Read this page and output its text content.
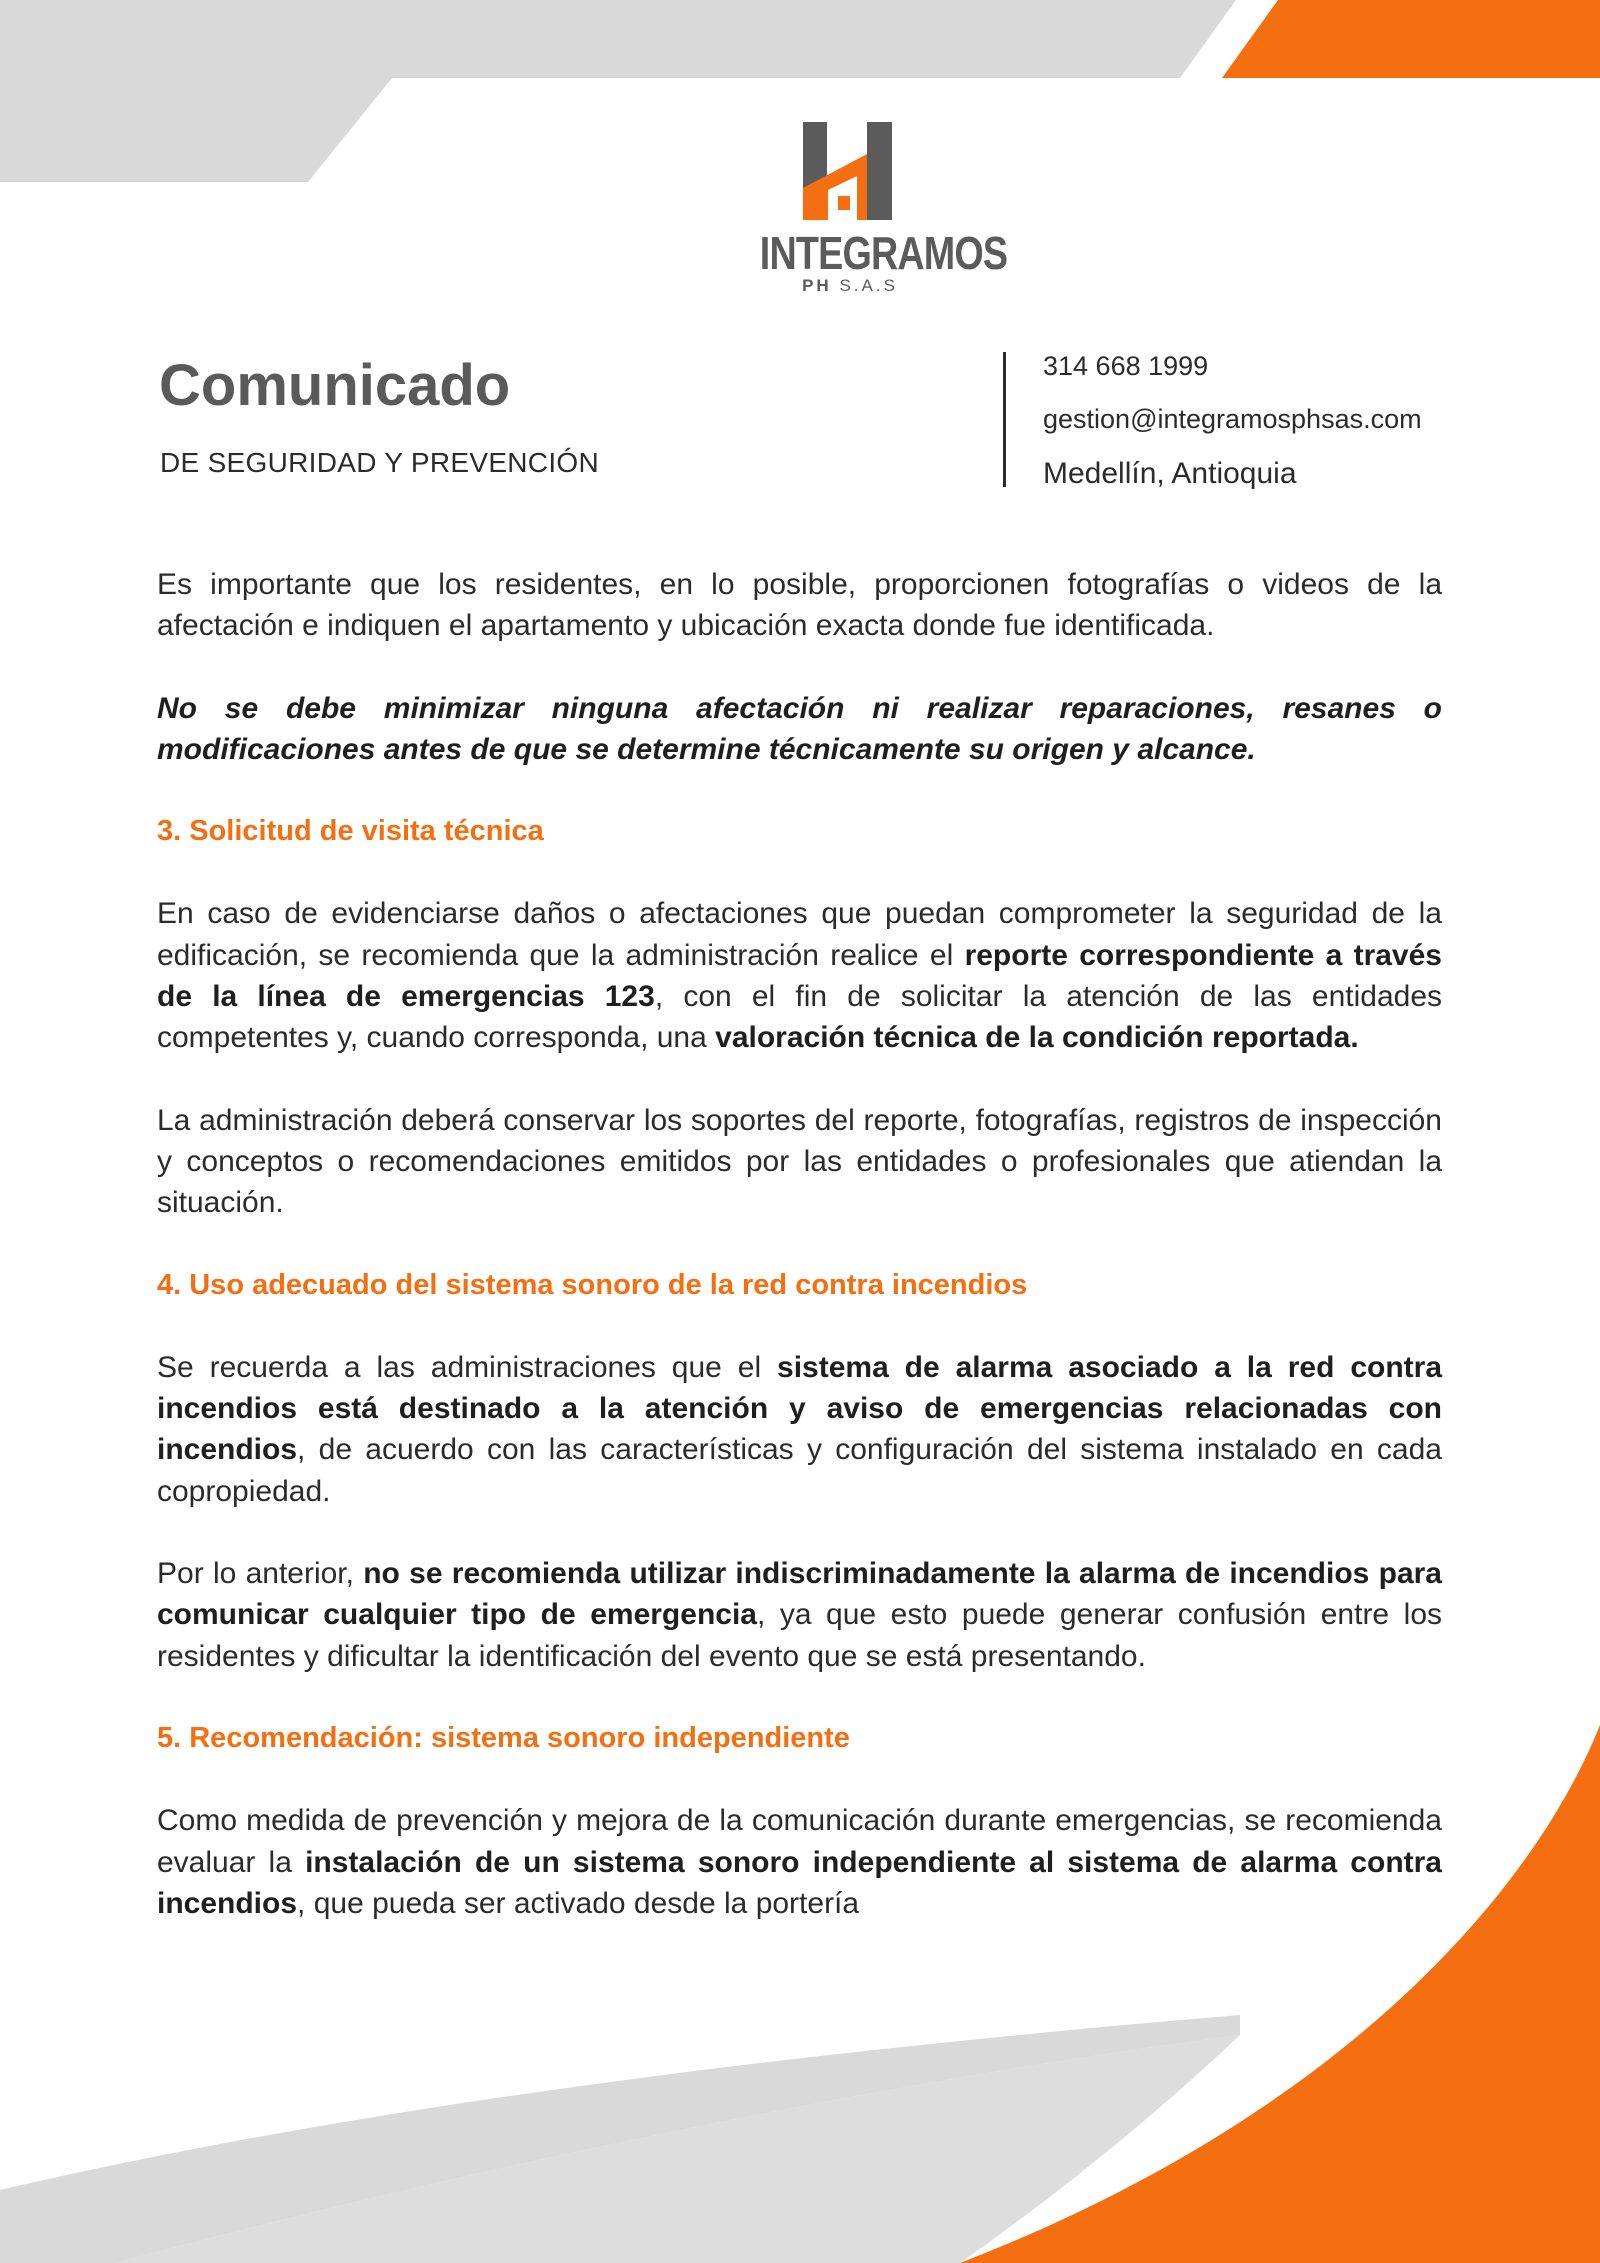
INTEGRAMOS
PH S.A.S
Comunicado
DE SEGURIDAD Y PREVENCIÓN
314 668 1999
gestion@integramosphsas.com
Medellín, Antioquia

Es importante que los residentes, en lo posible, proporcionen fotografías o videos de la afectación e indiquen el apartamento y ubicación exacta donde fue identificada.

No se debe minimizar ninguna afectación ni realizar reparaciones, resanes o modificaciones antes de que se determine técnicamente su origen y alcance.

3. Solicitud de visita técnica

En caso de evidenciarse daños o afectaciones que puedan comprometer la seguridad de la edificación, se recomienda que la administración realice el reporte correspondiente a través de la línea de emergencias 123, con el fin de solicitar la atención de las entidades competentes y, cuando corresponda, una valoración técnica de la condición reportada.

La administración deberá conservar los soportes del reporte, fotografías, registros de inspección y conceptos o recomendaciones emitidos por las entidades o profesionales que atiendan la situación.

4. Uso adecuado del sistema sonoro de la red contra incendios

Se recuerda a las administraciones que el sistema de alarma asociado a la red contra incendios está destinado a la atención y aviso de emergencias relacionadas con incendios, de acuerdo con las características y configuración del sistema instalado en cada copropiedad.

Por lo anterior, no se recomienda utilizar indiscriminadamente la alarma de incendios para comunicar cualquier tipo de emergencia, ya que esto puede generar confusión entre los residentes y dificultar la identificación del evento que se está presentando.

5. Recomendación: sistema sonoro independiente

Como medida de prevención y mejora de la comunicación durante emergencias, se recomienda evaluar la instalación de un sistema sonoro independiente al sistema de alarma contra incendios, que pueda ser activado desde la portería
